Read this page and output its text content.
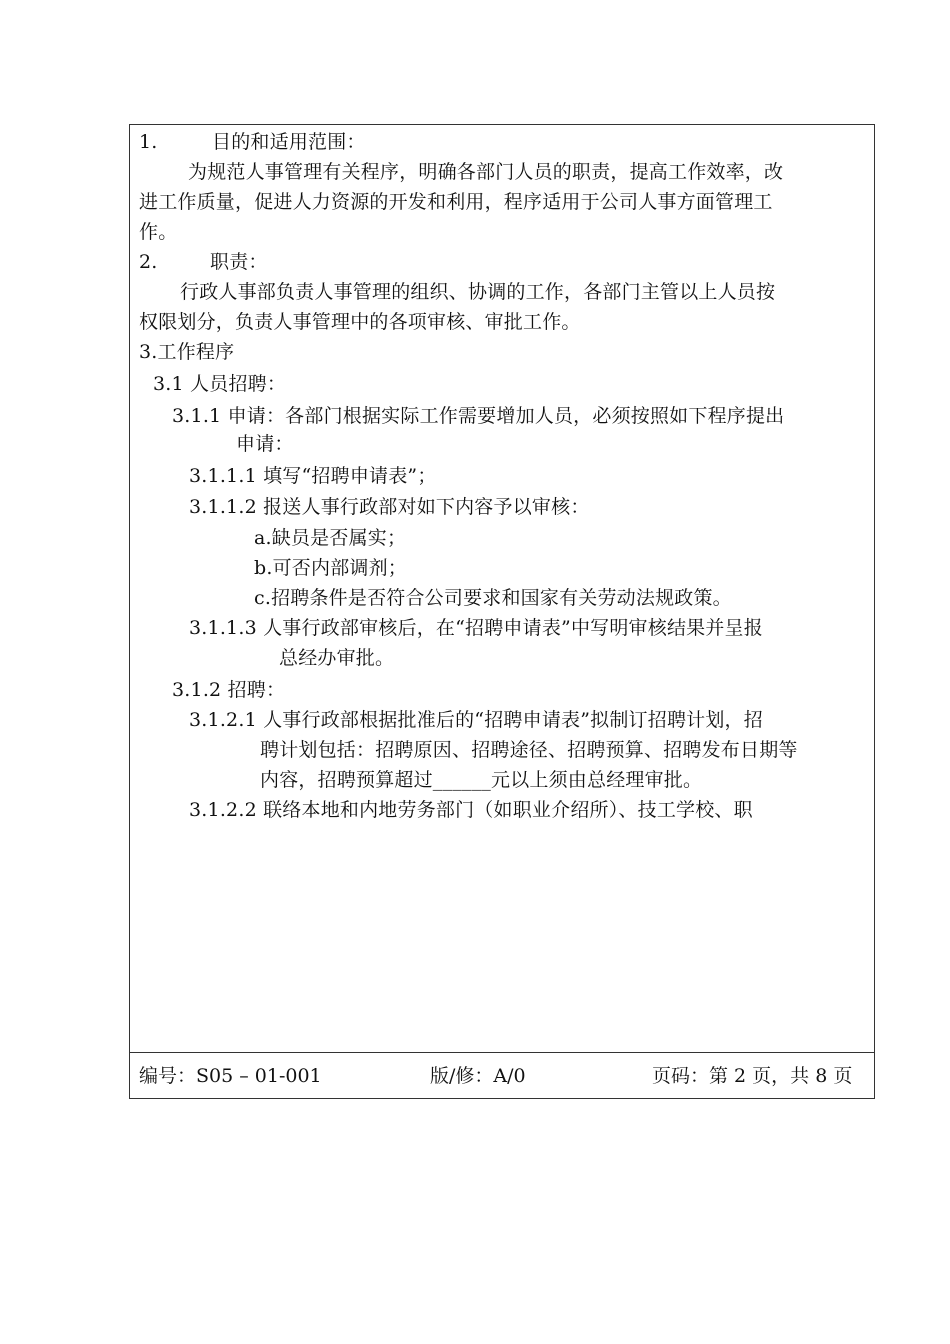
1.	目的和适用范围：
为规范人事管理有关程序，明确各部门人员的职责，提高工作效率，改
进工作质量，促进人力资源的开发和利用，程序适用于公司人事方面管理工
作。
2.	职责：
行政人事部负责人事管理的组织、协调的工作，各部门主管以上人员按
权限划分，负责人事管理中的各项审核、审批工作。
3.工作程序
3.1 人员招聘：
3.1.1 申请：各部门根据实际工作需要增加人员，必须按照如下程序提出
申请：
3.1.1.1 填写“招聘申请表”；
3.1.1.2 报送人事行政部对如下内容予以审核：
a.缺员是否属实；
b.可否内部调剂；
c.招聘条件是否符合公司要求和国家有关劳动法规政策。
3.1.1.3 人事行政部审核后，在“招聘申请表”中写明审核结果并呈报
总经办审批。
3.1.2 招聘：
3.1.2.1 人事行政部根据批准后的“招聘申请表”拟制订招聘计划，招
聘计划包括：招聘原因、招聘途径、招聘预算、招聘发布日期等
内容，招聘预算超过______元以上须由总经理审批。
3.1.2.2 联络本地和内地劳务部门（如职业介绍所）、技工学校、职
编号：S05 – 01-001	版/修：A/0	页码：第 2 页，共 8 页
